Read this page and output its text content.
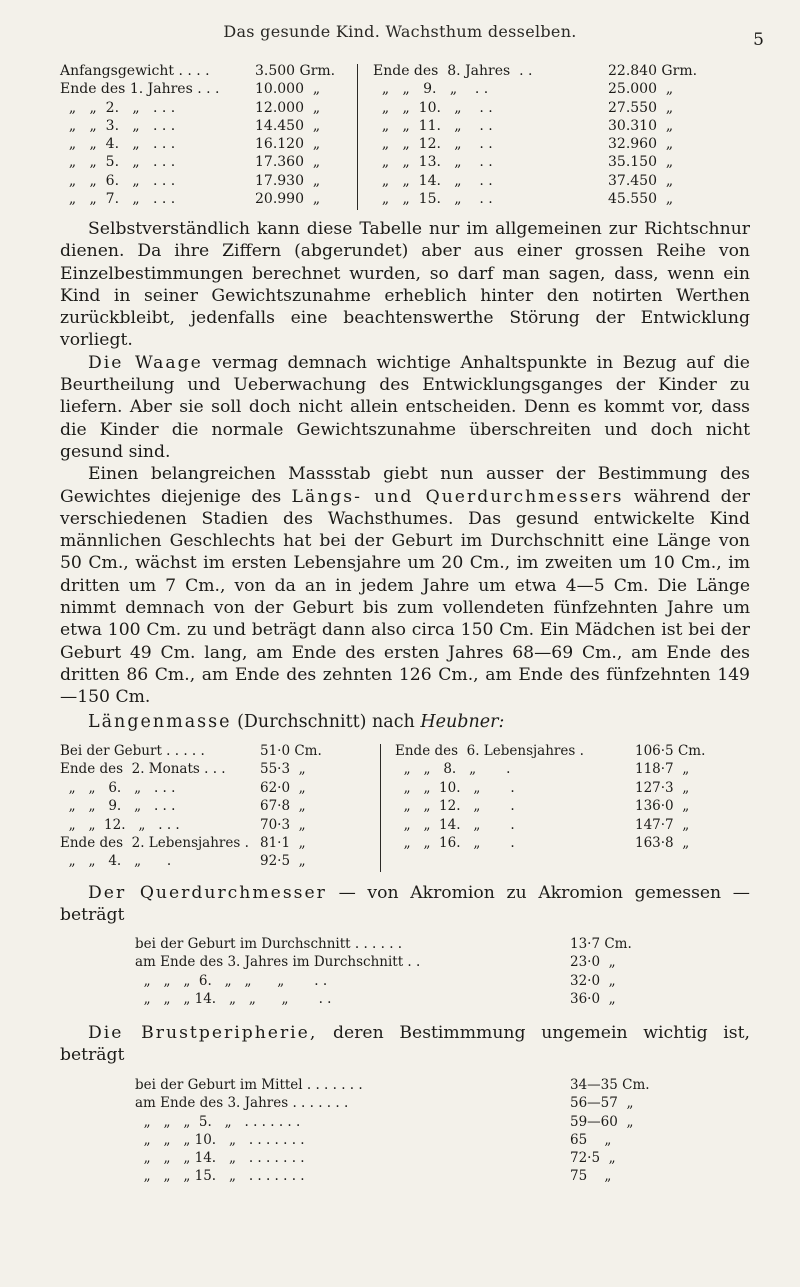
Das gesunde Kind. Wachsthum desselben.	5
Anfangsgewicht . . . .	3.500 Grm.
Ende des 1. Jahres . . .	10.000  „
„   „  2.   „   . . .	12.000  „
„   „  3.   „   . . .	14.450  „
„   „  4.   „   . . .	16.120  „
„   „  5.   „   . . .	17.360  „
„   „  6.   „   . . .	17.930  „
„   „  7.   „   . . .	20.990  „
Ende des  8. Jahres  . .	22.840 Grm.
„   „   9.   „    . .	25.000  „
„   „  10.   „    . .	27.550  „
„   „  11.   „    . .	30.310  „
„   „  12.   „    . .	32.960  „
„   „  13.   „    . .	35.150  „
„   „  14.   „    . .	37.450  „
„   „  15.   „    . .	45.550  „

Selbstverständlich kann diese Tabelle nur im allgemeinen zur Richtschnur dienen. Da ihre Ziffern (abgerundet) aber aus einer grossen Reihe von Einzelbestimmungen berechnet wurden, so darf man sagen, dass, wenn ein Kind in seiner Gewichtszunahme erheblich hinter den notirten Werthen zurückbleibt, jedenfalls eine beachtenswerthe Störung der Entwicklung vorliegt.

Die Waage vermag demnach wichtige Anhaltspunkte in Bezug auf die Beurtheilung und Ueberwachung des Entwicklungsganges der Kinder zu liefern. Aber sie soll doch nicht allein entscheiden. Denn es kommt vor, dass die Kinder die normale Gewichtszunahme überschreiten und doch nicht gesund sind.

Einen belangreichen Massstab giebt nun ausser der Bestimmung des Gewichtes diejenige des Längs- und Querdurchmessers während der verschiedenen Stadien des Wachsthumes. Das gesund entwickelte Kind männlichen Geschlechts hat bei der Geburt im Durchschnitt eine Länge von 50 Cm., wächst im ersten Lebensjahre um 20 Cm., im zweiten um 10 Cm., im dritten um 7 Cm., von da an in jedem Jahre um etwa 4—5 Cm. Die Länge nimmt demnach von der Geburt bis zum vollendeten fünfzehnten Jahre um etwa 100 Cm. zu und beträgt dann also circa 150 Cm. Ein Mädchen ist bei der Geburt 49 Cm. lang, am Ende des ersten Jahres 68—69 Cm., am Ende des dritten 86 Cm., am Ende des zehnten 126 Cm., am Ende des fünfzehnten 149—150 Cm.

Längenmasse (Durchschnitt) nach Heubner:
Bei der Geburt . . . . .	51·0 Cm.
Ende des  2. Monats . . .	55·3  „
„   „   6.   „   . . .	62·0  „
„   „   9.   „   . . .	67·8  „
„   „  12.   „   . . .	70·3  „
Ende des  2. Lebensjahres . 81·1  „
„   „   4.   „      .	92·5  „
Ende des  6. Lebensjahres .	106·5 Cm.
„   „   8.   „       .	118·7  „
„   „  10.   „       .	127·3  „
„   „  12.   „       .	136·0  „
„   „  14.   „       .	147·7  „
„   „  16.   „       .	163·8  „

Der Querdurchmesser — von Akromion zu Akromion gemessen — beträgt

bei der Geburt im Durchschnitt . . . . . .	13·7 Cm.
am Ende des 3. Jahres im Durchschnitt . .	23·0  „
„   „   „  6.   „   „      „       . .	32·0  „
„   „   „ 14.   „   „      „       . .	36·0  „

Die Brustperipherie, deren Bestimmmung ungemein wichtig ist, beträgt

bei der Geburt im Mittel . . . . . . .	34—35 Cm.
am Ende des 3. Jahres . . . . . . .	56—57  „
„   „   „  5.   „   . . . . . . .	59—60  „
„   „   „ 10.   „   . . . . . . .	65    „
„   „   „ 14.   „   . . . . . . .	72·5  „
„   „   „ 15.   „   . . . . . . .	75    „
